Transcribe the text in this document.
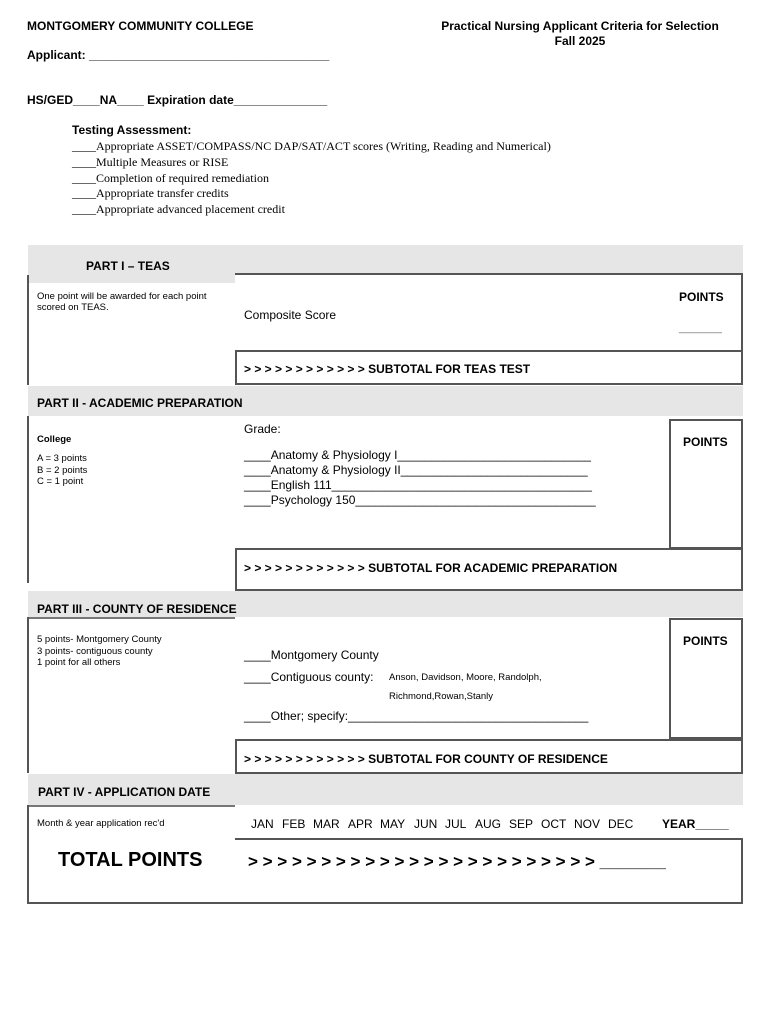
MONTGOMERY COMMUNITY COLLEGE	Practical Nursing Applicant Criteria for Selection
Fall 2025
Applicant: ____________________________________
HS/GED____NA____ Expiration date______________
Testing Assessment:
____Appropriate ASSET/COMPASS/NC DAP/SAT/ACT scores (Writing, Reading and Numerical)
____Multiple Measures or RISE
____Completion of required remediation
____Appropriate transfer credits
____Appropriate advanced placement credit
PART I – TEAS
One point will be awarded for each point
scored on TEAS.
Composite Score
POINTS
_______
> > > > > > > > > > > > SUBTOTAL FOR TEAS TEST
PART II - ACADEMIC PREPARATION
College
A = 3 points
B = 2 points
C = 1 point
Grade:
____Anatomy & Physiology I_____________________________
____Anatomy & Physiology II____________________________
____English 111_______________________________________
____Psychology 150____________________________________
POINTS
> > > > > > > > > > > > SUBTOTAL FOR ACADEMIC PREPARATION
PART III - COUNTY OF RESIDENCE
5 points- Montgomery County
3 points- contiguous county
1 point for all others
____Montgomery County
____Contiguous county: Anson, Davidson, Moore, Randolph,
Richmond,Rowan,Stanly
____Other; specify:____________________________________
POINTS
> > > > > > > > > > > > SUBTOTAL FOR COUNTY OF RESIDENCE
PART IV - APPLICATION DATE
Month & year application rec'd	JAN FEB MAR APR MAY JUN JUL AUG SEP OCT NOV DEC YEAR_____
TOTAL POINTS	> > > > > > > > > > > > > > > > > > > > > > > > _______
